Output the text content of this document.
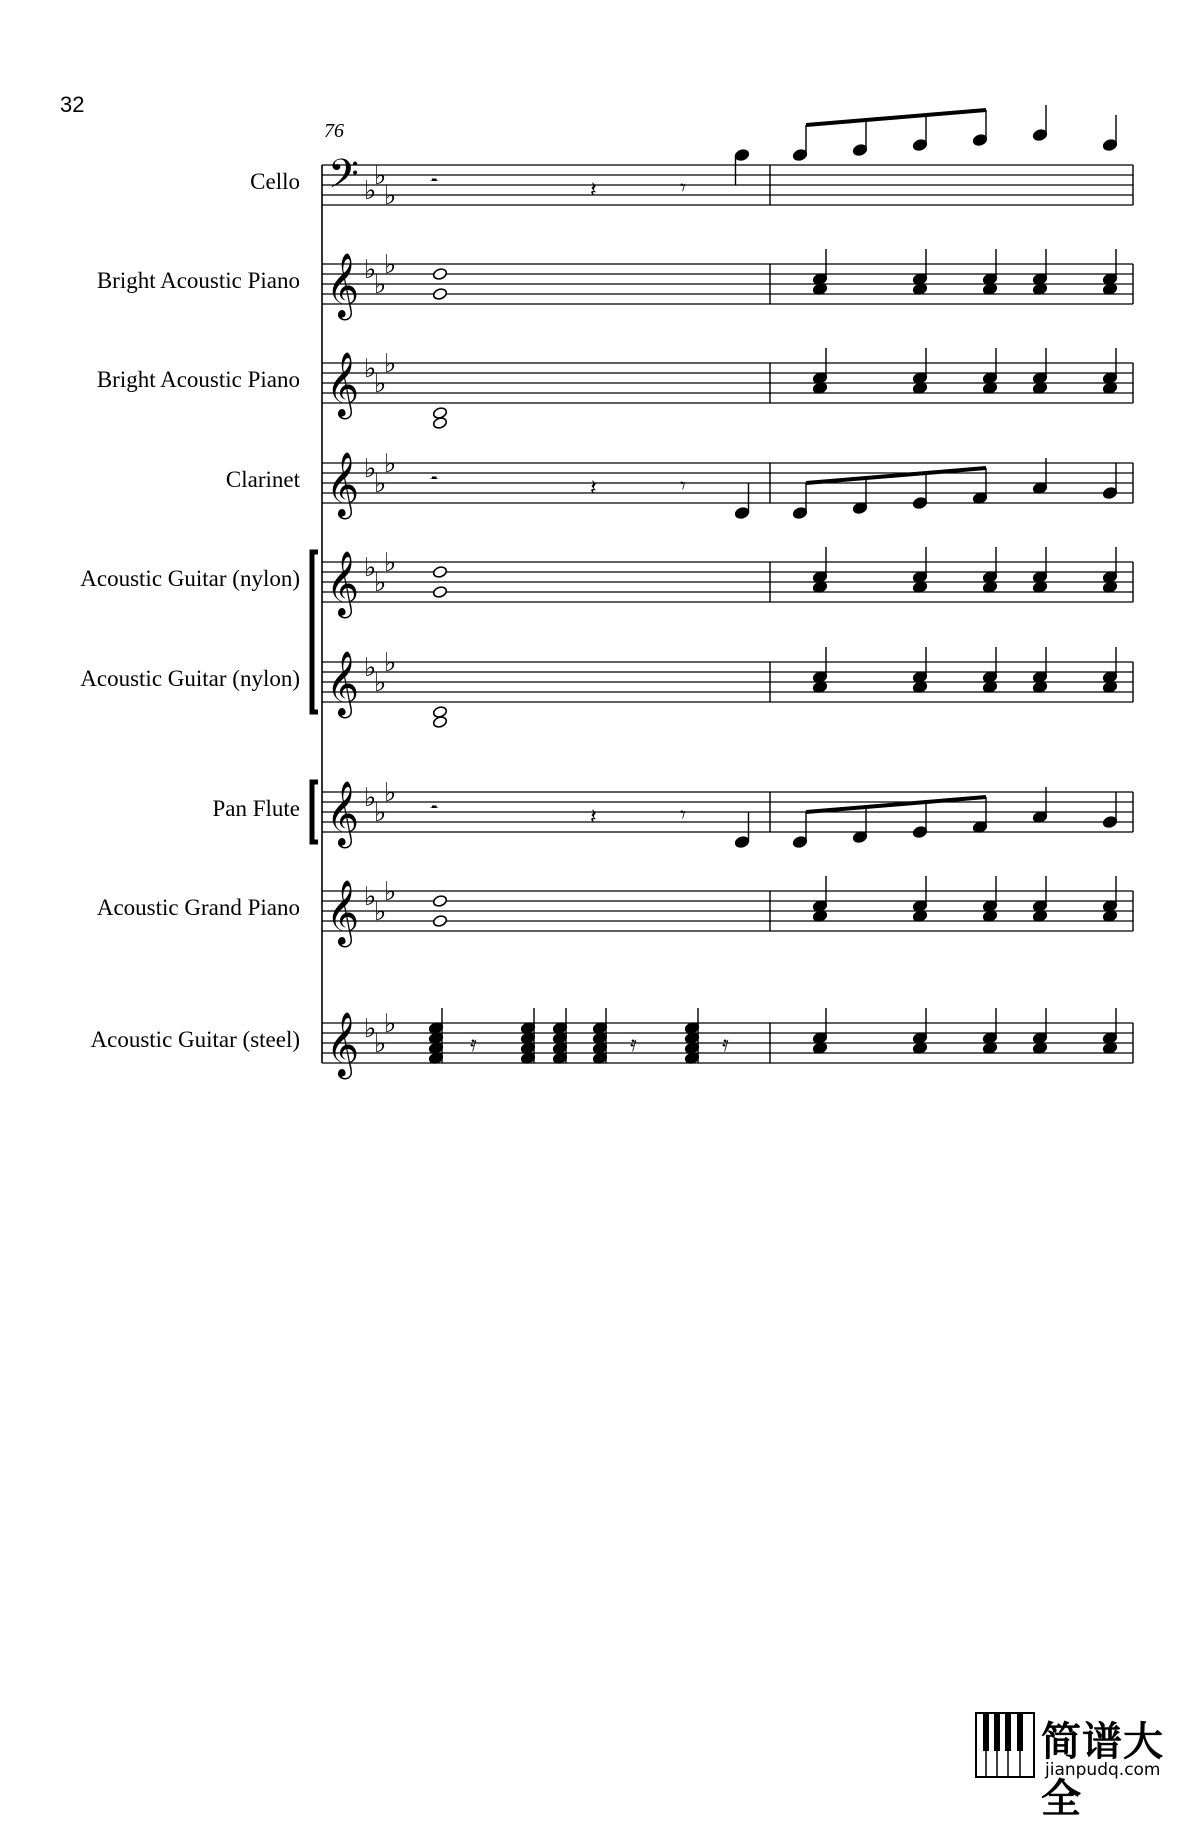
32
76
Cello
Bright Acoustic Piano
Bright Acoustic Piano
Clarinet
Acoustic Guitar (nylon)
Acoustic Guitar (nylon)
Pan Flute
Acoustic Grand Piano
Acoustic Guitar (steel)
𝄢 ♭
♭
♭ 𝄼	𝄽	𝄾
𝄞 ♭
♭
♭
𝄞 ♭
♭
♭
𝄞 ♭
♭
♭
𝄼	𝄽	𝄾
𝄞 ♭
♭
♭
𝄞 ♭
♭
♭
𝄞 ♭
♭
♭
𝄼	𝄽	𝄾
𝄞 ♭
♭
♭
𝄞 ♭
♭
♭
𝄿	𝄿	𝄿
简谱大全
jianpudq.com
